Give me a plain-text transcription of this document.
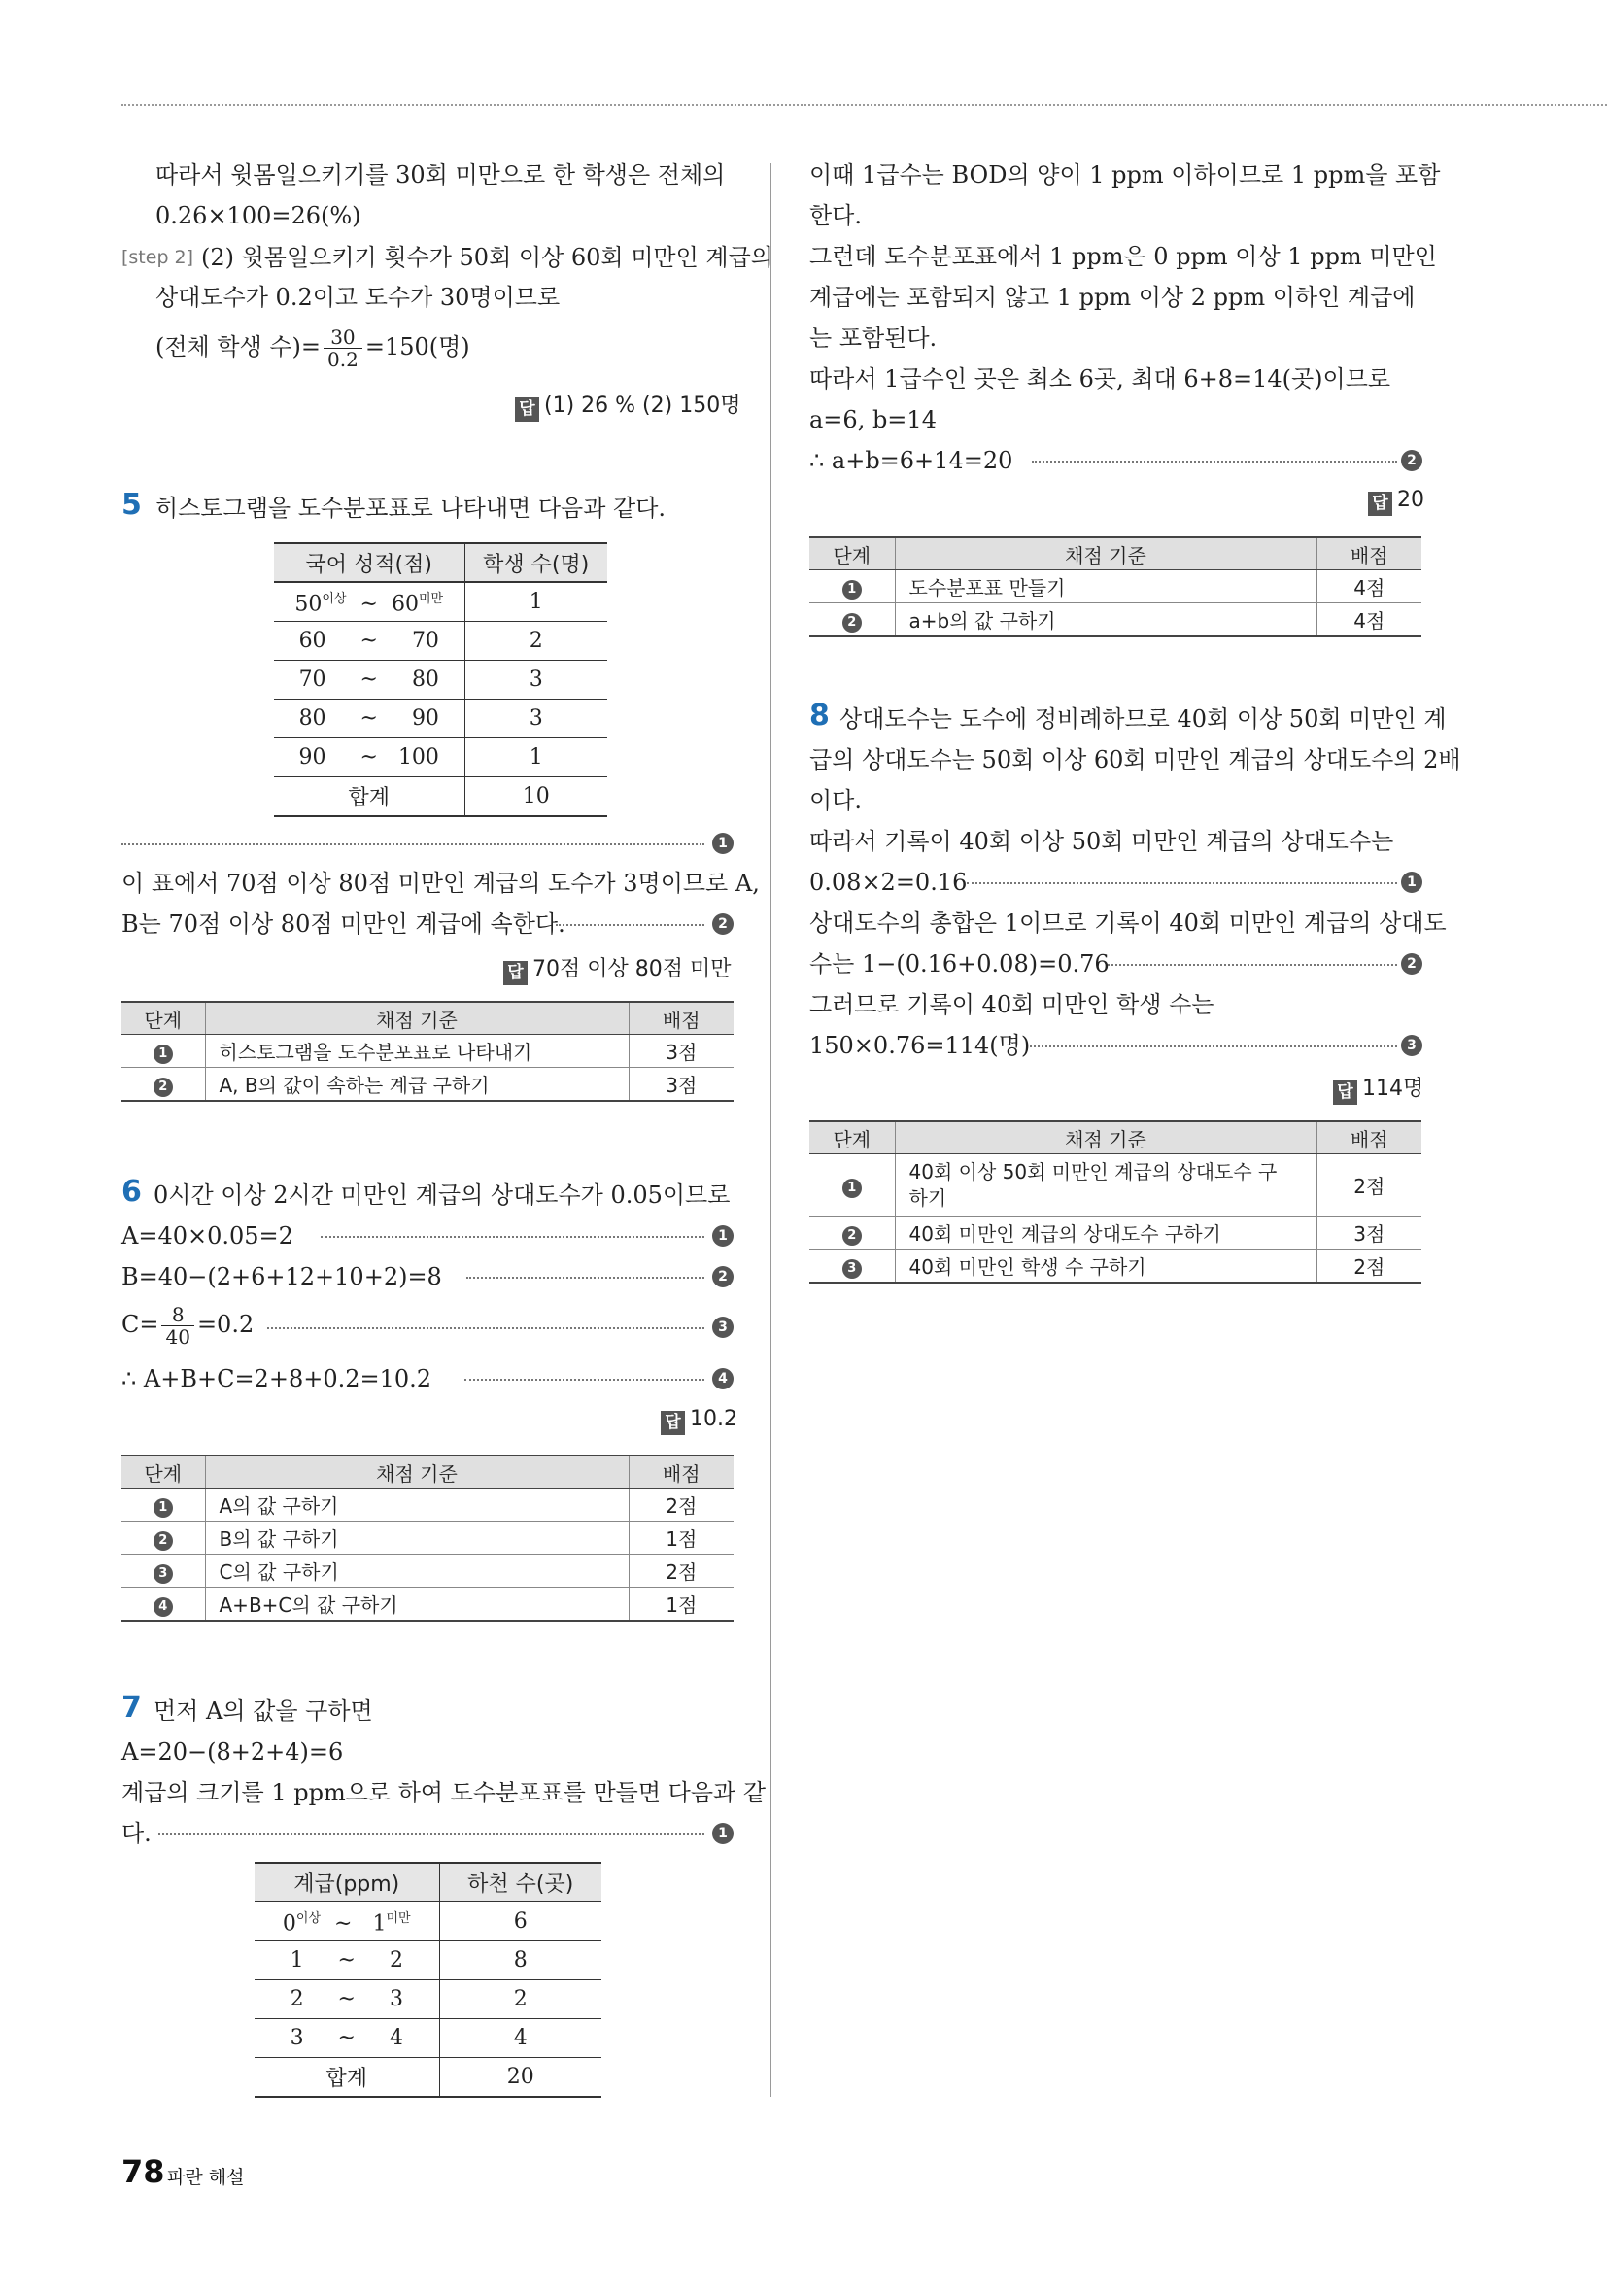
따라서 윗몸일으키기를 30회 미만으로 한 학생은 전체의
0.26×100=26(%)
[step 2] (2) 윗몸일으키기 횟수가 50회 이상 60회 미만인 계급의
상대도수가 0.2이고 도수가 30명이므로
(전체 학생 수)= $\frac{30}{0.2} =150$(명)
답 (1) 26 % (2) 150명
5 히스토그램을 도수분포표로 나타내면 다음과 같다.
국어 성적(점)	학생 수(명)
$50^{이상}$ ~ $60^{미만}$	1
60 ~ 70	2
70 ~ 80	3
80 ~ 90	3
90 ~ 100	1
합계	10
1
이 표에서 70점 이상 80점 미만인 계급의 도수가 3명이므로 A,
B는 70점 이상 80점 미만인 계급에 속한다.	2
답 70점 이상 80점 미만
단계	채점 기준	배점
1	히스토그램을 도수분포표로 나타내기	3점
2	A, B의 값이 속하는 계급 구하기	3점
6 0시간 이상 2시간 미만인 계급의 상대도수가 0.05이므로
A=40×0.05=2	1
B=40−(2+6+12+10+2)=8	2
$C= \frac{8}{40} =0.2$	3
∴ A+B+C=2+8+0.2=10.2	4
답 10.2
단계	채점 기준	배점
1	A의 값 구하기	2점
2	B의 값 구하기	1점
3	C의 값 구하기	2점
4	A+B+C의 값 구하기	1점
7 먼저 A의 값을 구하면
A=20−(8+2+4)=6
계급의 크기를 1 ppm으로 하여 도수분포표를 만들면 다음과 같
다.	1
계급(ppm)	하천 수(곳)
$0^{이상}$ ~ $1^{미만}$	6
1 ~ 2	8
2 ~ 3	2
3 ~ 4	4
합계	20
이때 1급수는 BOD의 양이 1 ppm 이하이므로 1 ppm을 포함
한다.
그런데 도수분포표에서 1 ppm은 0 ppm 이상 1 ppm 미만인
계급에는 포함되지 않고 1 ppm 이상 2 ppm 이하인 계급에
는 포함된다.
따라서 1급수인 곳은 최소 6곳, 최대 6+8=14(곳)이므로
a=6, b=14
∴ a+b=6+14=20	2
답 20
단계	채점 기준	배점
1	도수분포표 만들기	4점
2	a+b의 값 구하기	4점
8 상대도수는 도수에 정비례하므로 40회 이상 50회 미만인 계
급의 상대도수는 50회 이상 60회 미만인 계급의 상대도수의 2배
이다.
따라서 기록이 40회 이상 50회 미만인 계급의 상대도수는
0.08×2=0.16	1
상대도수의 총합은 1이므로 기록이 40회 미만인 계급의 상대도
수는 1−(0.16+0.08)=0.76	2
그러므로 기록이 40회 미만인 학생 수는
150×0.76=114(명)	3
답 114명
단계	채점 기준	배점
1	40회 이상 50회 미만인 계급의 상대도수 구
하기	2점
2	40회 미만인 계급의 상대도수 구하기	3점
3	40회 미만인 학생 수 구하기	2점
78 파란 해설
